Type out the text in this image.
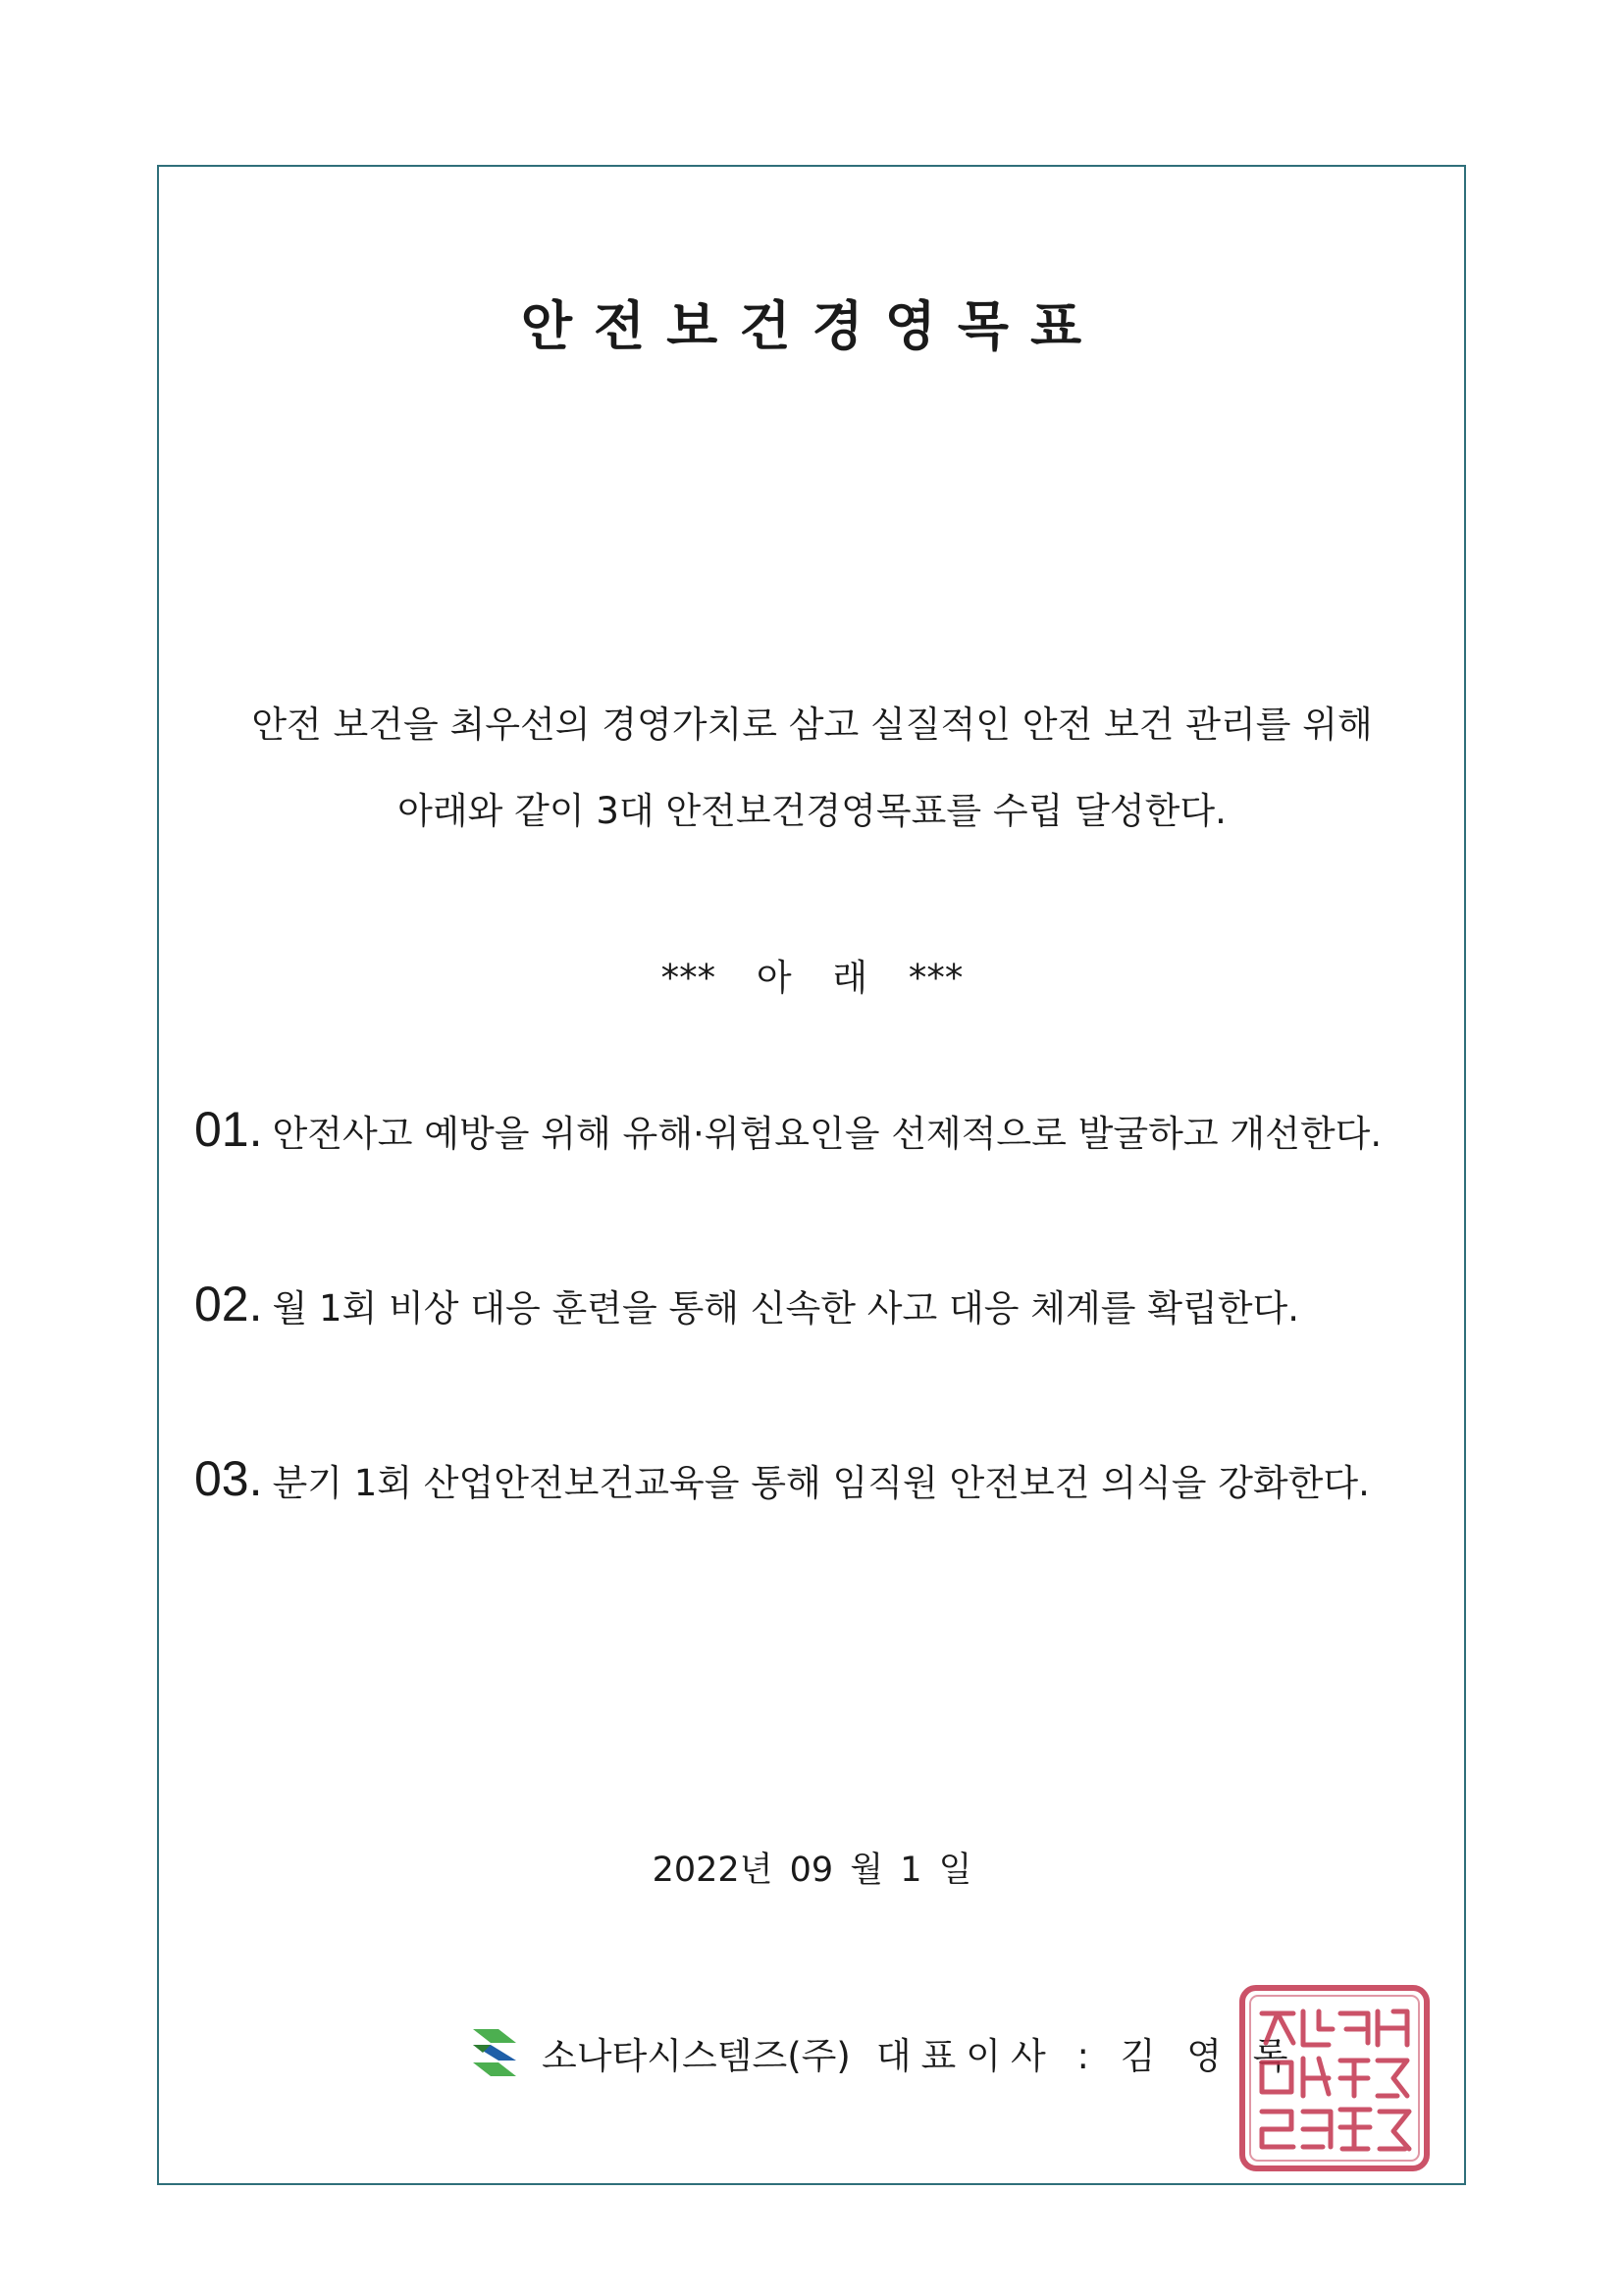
안전보건경영목표
안전 보건을 최우선의 경영가치로 삼고 실질적인 안전 보건 관리를 위해
아래와 같이 3대 안전보건경영목표를 수립 달성한다.
*** 아 래 ***
01. 안전사고 예방을 위해 유해·위험요인을 선제적으로 발굴하고 개선한다.
02. 월 1회 비상 대응 훈련을 통해 신속한 사고 대응 체계를 확립한다.
03. 분기 1회 산업안전보건교육을 통해 임직원 안전보건 의식을 강화한다.
2022년 09 월 1 일
소나타시스템즈(주) 대표이사 : 김 영 록
